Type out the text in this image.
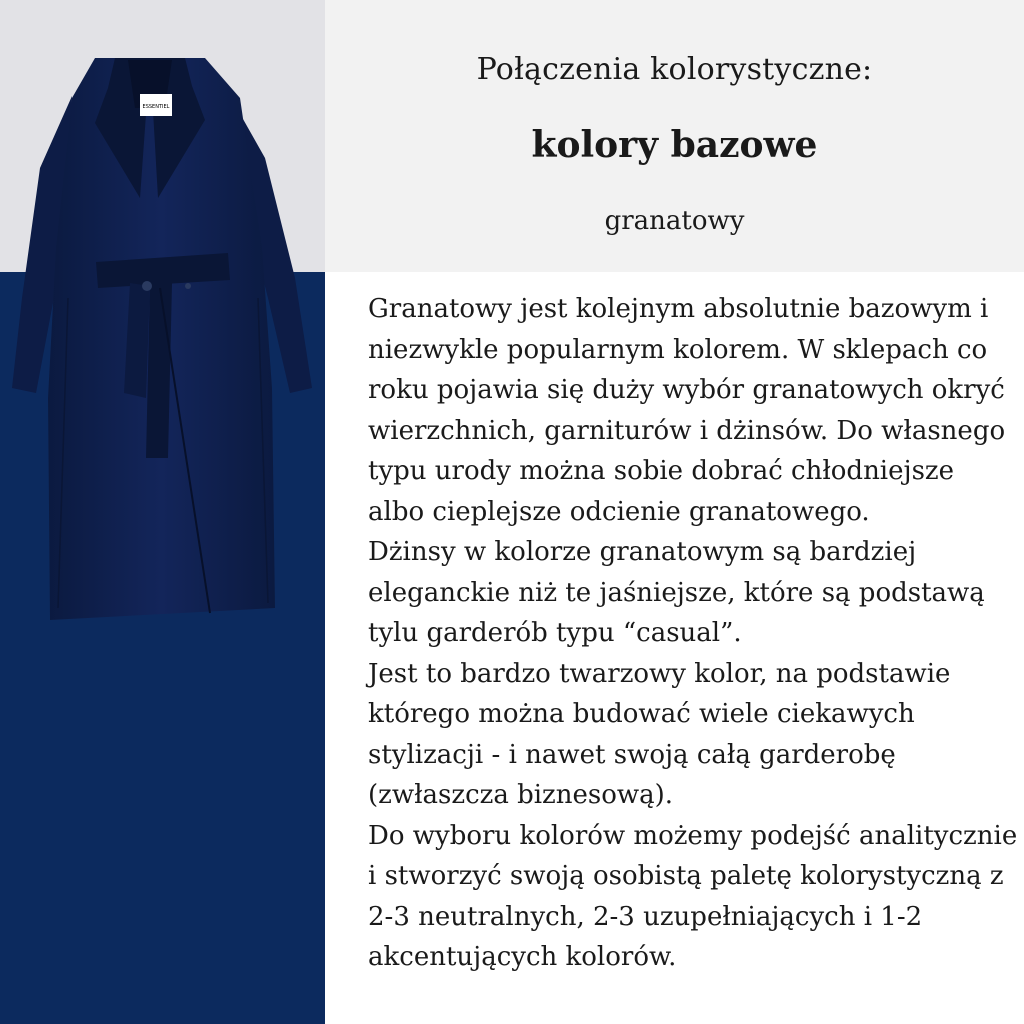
ESSENTIEL
Połączenia kolorystyczne:
kolory bazowe
granatowy

Granatowy jest kolejnym absolutnie bazowym i niezwykle popularnym kolorem. W sklepach co roku pojawia się duży wybór granatowych okryć wierzchnich, garniturów i dżinsów. Do własnego typu urody można sobie dobrać chłodniejsze albo cieplejsze odcienie granatowego.

Dżinsy w kolorze granatowym są bardziej eleganckie niż te jaśniejsze, które są podstawą tylu garderób typu “casual”.

Jest to bardzo twarzowy kolor, na podstawie którego można budować wiele ciekawych stylizacji - i nawet swoją całą garderobę (zwłaszcza biznesową).

Do wyboru kolorów możemy podejść analitycznie i stworzyć swoją osobistą paletę kolorystyczną z 2-3 neutralnych, 2-3 uzupełniających i 1-2 akcentujących kolorów.
